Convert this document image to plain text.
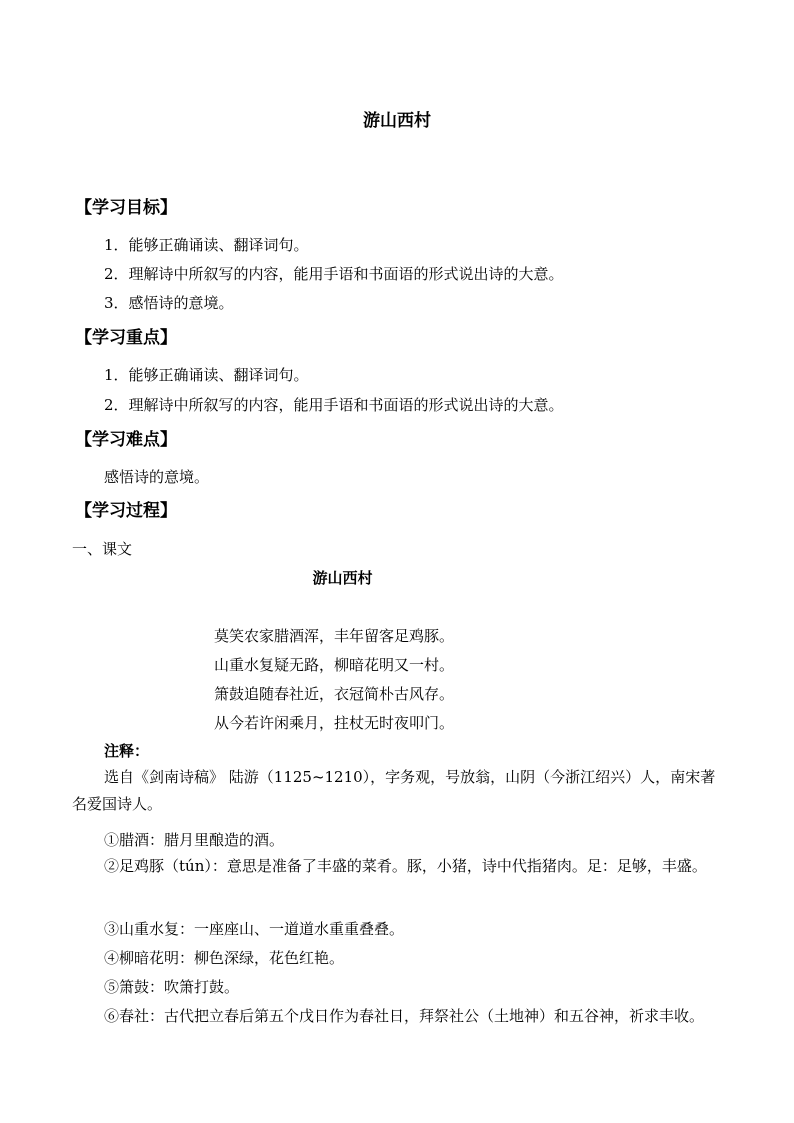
游山西村
【学习目标】
1．能够正确诵读、翻译词句。
2．理解诗中所叙写的内容，能用手语和书面语的形式说出诗的大意。
3．感悟诗的意境。
【学习重点】
1．能够正确诵读、翻译词句。
2．理解诗中所叙写的内容，能用手语和书面语的形式说出诗的大意。
【学习难点】
感悟诗的意境。
【学习过程】
一、课文
游山西村
莫笑农家腊酒浑，丰年留客足鸡豚。
山重水复疑无路，柳暗花明又一村。
箫鼓追随春社近，衣冠简朴古风存。
从今若许闲乘月，拄杖无时夜叩门。
注释：
选自《剑南诗稿》 陆游（1125~1210），字务观，号放翁，山阴（今浙江绍兴）人，南宋著名爱国诗人。
①腊酒：腊月里酿造的酒。
②足鸡豚（tún）：意思是准备了丰盛的菜肴。豚，小猪，诗中代指猪肉。足：足够，丰盛。
③山重水复：一座座山、一道道水重重叠叠。
④柳暗花明：柳色深绿，花色红艳。
⑤箫鼓：吹箫打鼓。
⑥春社：古代把立春后第五个戊日作为春社日，拜祭社公（土地神）和五谷神，祈求丰收。
